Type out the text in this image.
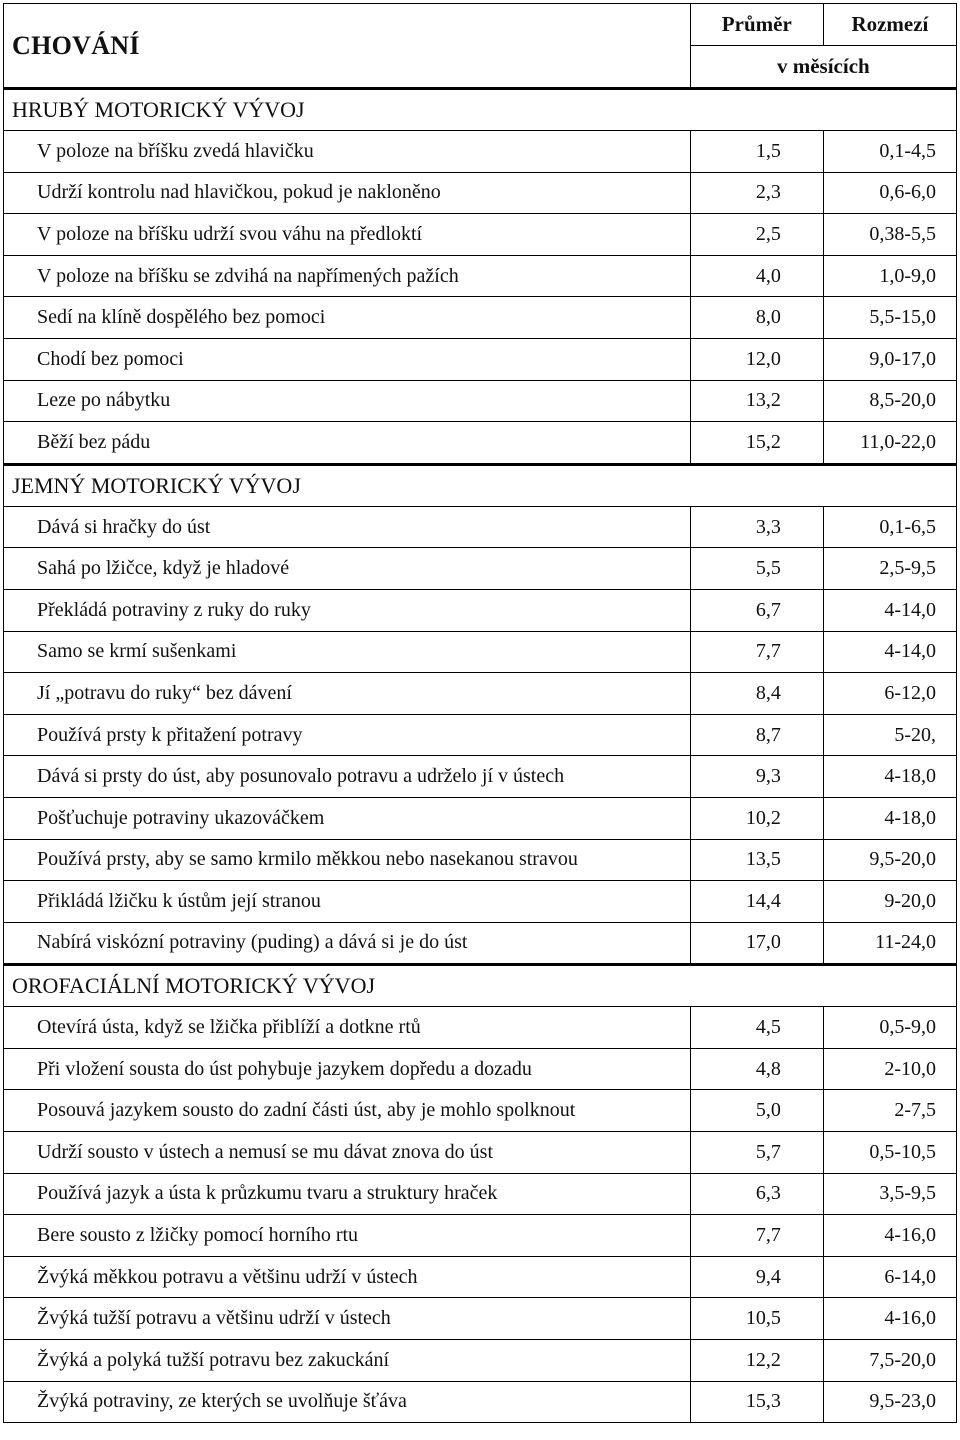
CHOVÁNÍ	Průměr	Rozmezí
	v měsících	
HRUBÝ MOTORICKÝ VÝVOJ		
V poloze na bříšku zvedá hlavičku	1,5	0,1-4,5
Udrží kontrolu nad hlavičkou, pokud je nakloněno	2,3	0,6-6,0
V poloze na bříšku udrží svou váhu na předloktí	2,5	0,38-5,5
V poloze na bříšku se zdvihá na napřímených pažích	4,0	1,0-9,0
Sedí na klíně dospělého bez pomoci	8,0	5,5-15,0
Chodí bez pomoci	12,0	9,0-17,0
Leze po nábytku	13,2	8,5-20,0
Běží bez pádu	15,2	11,0-22,0
JEMNÝ MOTORICKÝ VÝVOJ		
Dává si hračky do úst	3,3	0,1-6,5
Sahá po lžičce, když je hladové	5,5	2,5-9,5
Překládá potraviny z ruky do ruky	6,7	4-14,0
Samo se krmí sušenkami	7,7	4-14,0
Jí „potravu do ruky“ bez dávení	8,4	6-12,0
Používá prsty k přitažení potravy	8,7	5-20,
Dává si prsty do úst, aby posunovalo potravu a udrželo jí v ústech	9,3	4-18,0
Pošťuchuje potraviny ukazováčkem	10,2	4-18,0
Používá prsty, aby se samo krmilo měkkou nebo nasekanou stravou	13,5	9,5-20,0
Přikládá lžičku k ústům její stranou	14,4	9-20,0
Nabírá viskózní potraviny (puding) a dává si je do úst	17,0	11-24,0
OROFACIÁLNÍ MOTORICKÝ VÝVOJ		
Otevírá ústa, když se lžička přiblíží a dotkne rtů	4,5	0,5-9,0
Při vložení sousta do úst pohybuje jazykem dopředu a dozadu	4,8	2-10,0
Posouvá jazykem sousto do zadní části úst, aby je mohlo spolknout	5,0	2-7,5
Udrží sousto v ústech a nemusí se mu dávat znova do úst	5,7	0,5-10,5
Používá jazyk a ústa k průzkumu tvaru a struktury hraček	6,3	3,5-9,5
Bere sousto z lžičky pomocí horního rtu	7,7	4-16,0
Žvýká měkkou potravu a většinu udrží v ústech	9,4	6-14,0
Žvýká tužší potravu a většinu udrží v ústech	10,5	4-16,0
Žvýká a polyká tužší potravu bez zakuckání	12,2	7,5-20,0
Žvýká potraviny, ze kterých se uvolňuje šťáva	15,3	9,5-23,0
